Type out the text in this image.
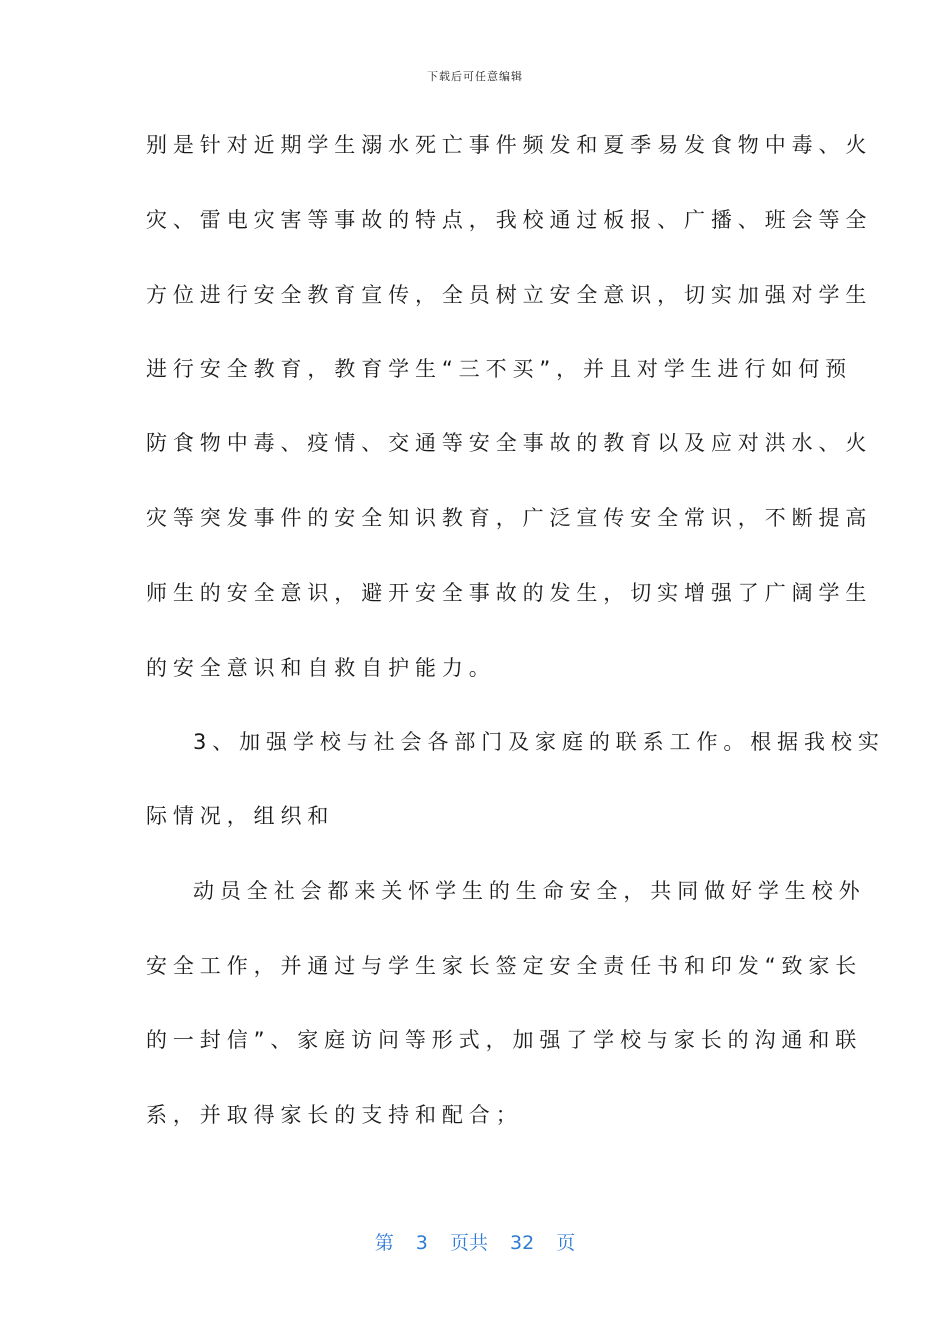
下载后可任意编辑
别是针对近期学生溺水死亡事件频发和夏季易发食物中毒、火
灾、雷电灾害等事故的特点，我校通过板报、广播、班会等全
方位进行安全教育宣传，全员树立安全意识，切实加强对学生
进行安全教育，教育学生“三不买”，并且对学生进行如何预
防食物中毒、疫情、交通等安全事故的教育以及应对洪水、火
灾等突发事件的安全知识教育，广泛宣传安全常识，不断提高
师生的安全意识，避开安全事故的发生，切实增强了广阔学生
的安全意识和自救自护能力。
3、加强学校与社会各部门及家庭的联系工作。根据我校实
际情况，组织和
动员全社会都来关怀学生的生命安全，共同做好学生校外
安全工作，并通过与学生家长签定安全责任书和印发“致家长
的一封信”、家庭访问等形式，加强了学校与家长的沟通和联
系，并取得家长的支持和配合；
第 3 页共 32 页
